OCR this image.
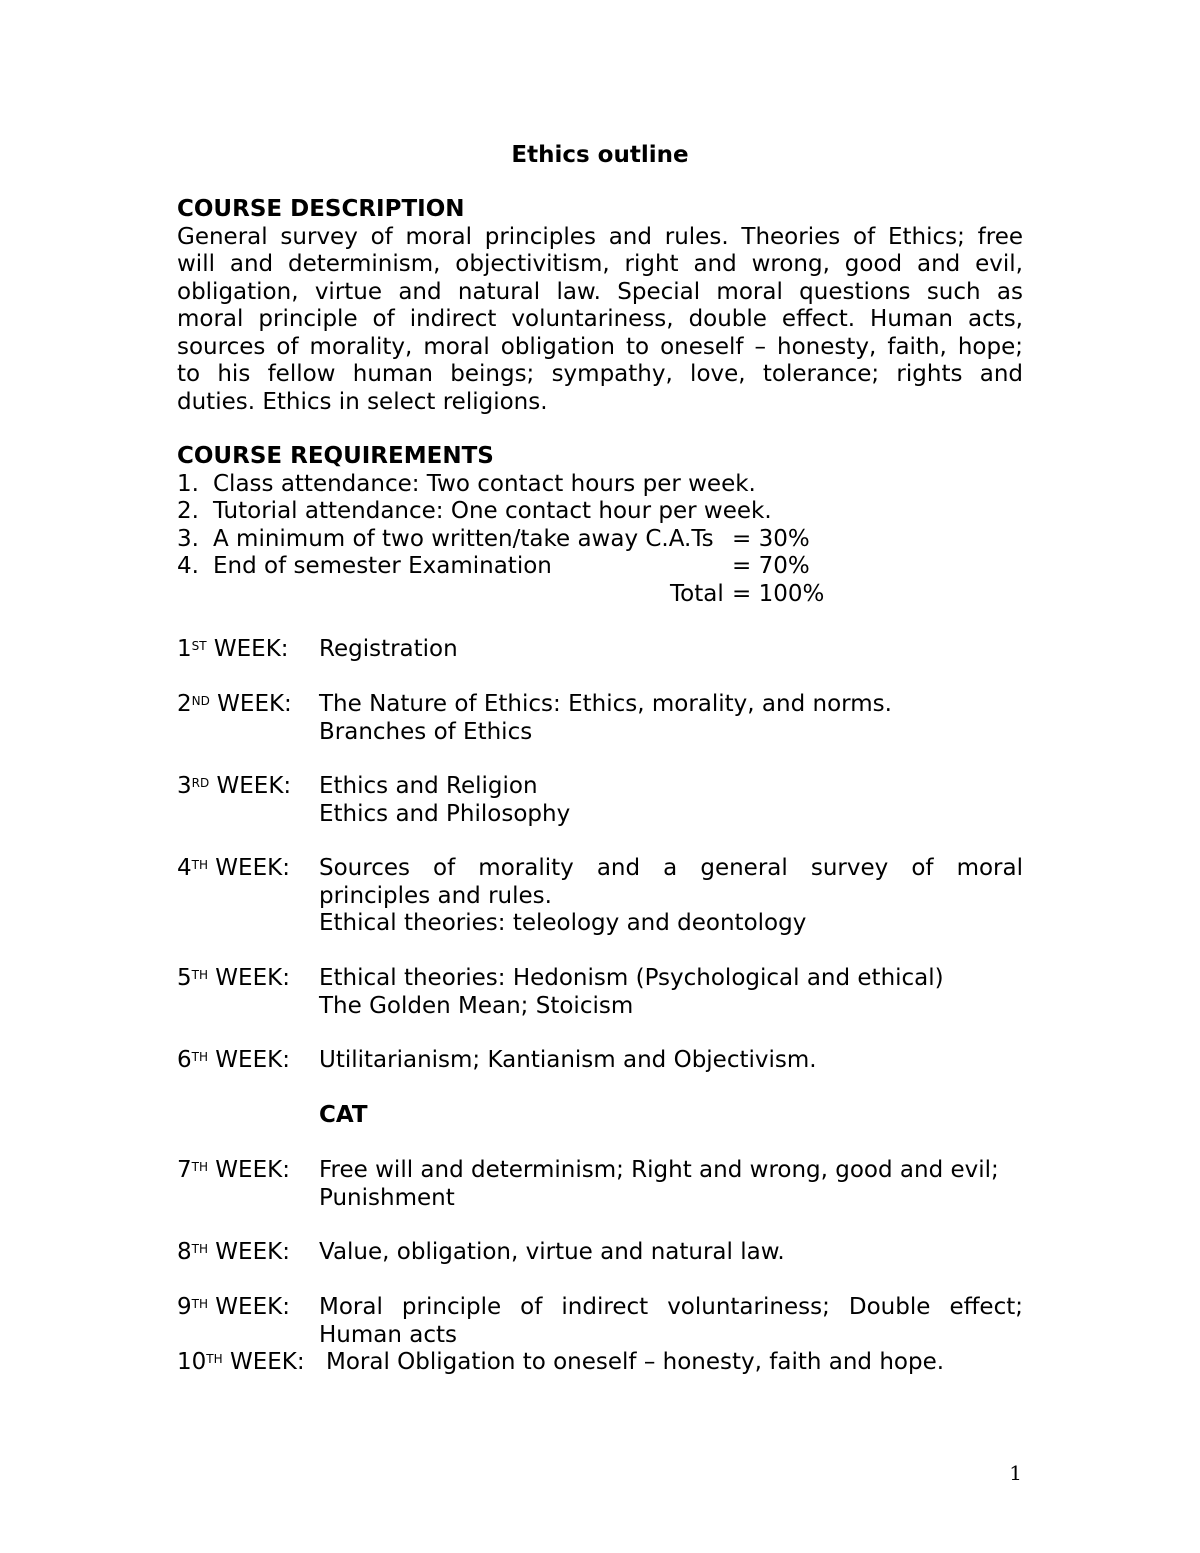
Ethics outline
COURSE DESCRIPTION
General survey of moral principles and rules. Theories of Ethics; free
will and determinism, objectivitism, right and wrong, good and evil,
obligation, virtue and natural law. Special moral questions such as
moral principle of indirect voluntariness, double effect. Human acts,
sources of morality, moral obligation to oneself – honesty, faith, hope;
to his fellow human beings; sympathy, love, tolerance; rights and
duties. Ethics in select religions.
COURSE REQUIREMENTS
1. Class attendance: Two contact hours per week.
2. Tutorial attendance: One contact hour per week.
3. A minimum of two written/take away C.A.Ts = 30%
4. End of semester Examination	= 70%
Total = 100%
1ST WEEK: Registration
2ND WEEK: The Nature of Ethics: Ethics, morality, and norms.
Branches of Ethics
3RD WEEK: Ethics and Religion
Ethics and Philosophy
4TH WEEK: Sources of morality and a general survey of moral
principles and rules.
Ethical theories: teleology and deontology
5TH WEEK: Ethical theories: Hedonism (Psychological and ethical)
The Golden Mean; Stoicism
6TH WEEK: Utilitarianism; Kantianism and Objectivism.
CAT
7TH WEEK: Free will and determinism; Right and wrong, good and evil;
Punishment
8TH WEEK: Value, obligation, virtue and natural law.
9TH WEEK: Moral principle of indirect voluntariness; Double effect;
Human acts
10TH WEEK: Moral Obligation to oneself – honesty, faith and hope.
1
